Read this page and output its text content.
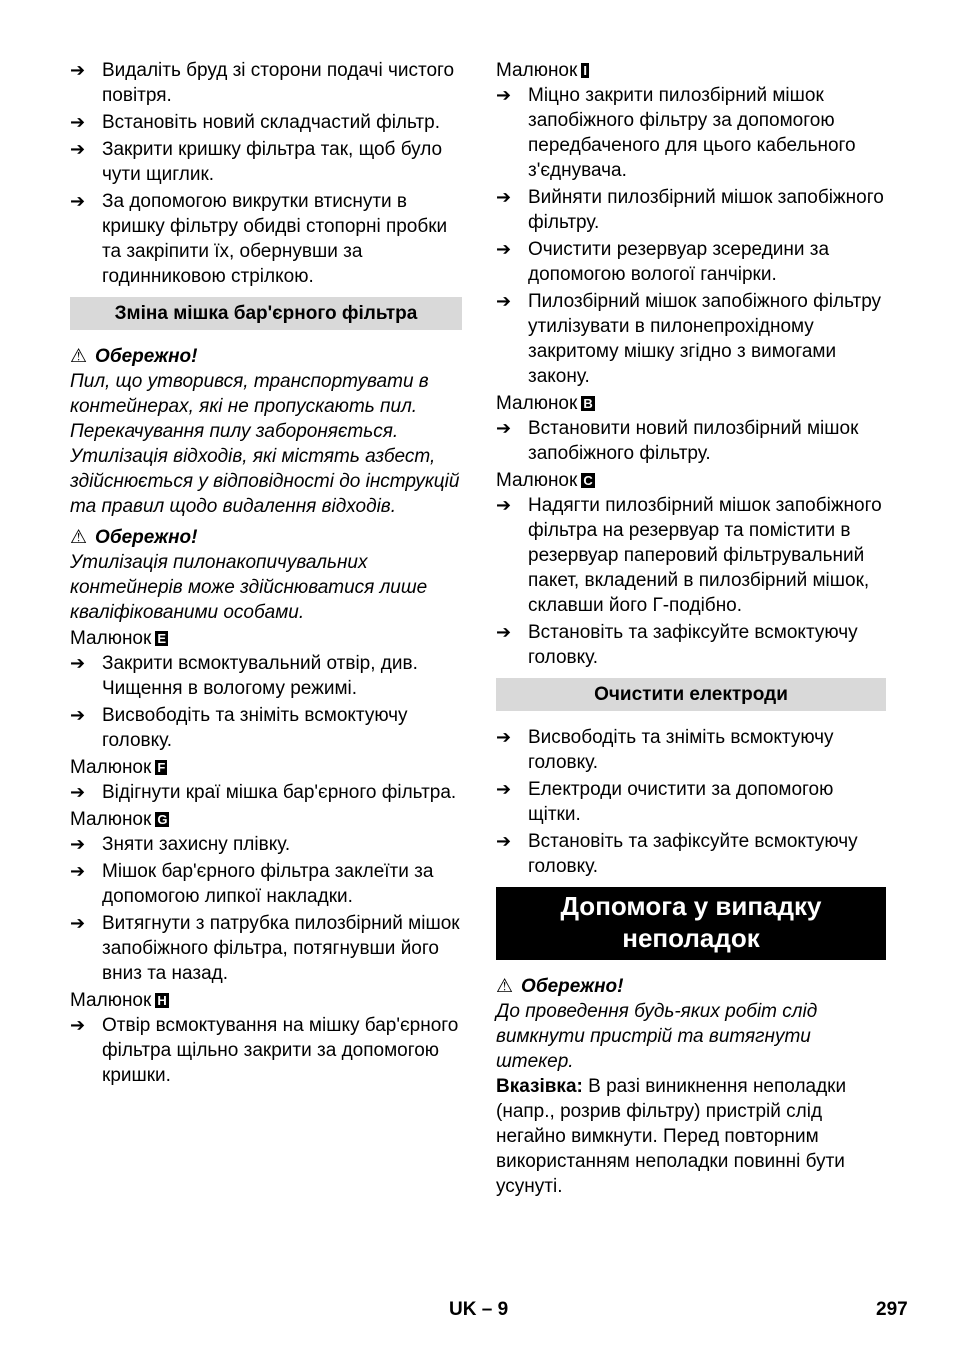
➔ Видаліть бруд зі сторони подачі чистого повітря.
➔ Встановіть новий складчастий фільтр.
➔ Закрити кришку фільтра так, щоб було чути щиглик.
➔ За допомогою викрутки втиснути в кришку фільтру обидві стопорні пробки та закріпити їх, обернувши за годинниковою стрілкою.
Зміна мішка бар'єрного фільтра
⚠ Обережно!
Пил, що утворився, транспортувати в контейнерах, які не пропускають пил. Перекачування пилу забороняється. Утилізація відходів, які містять азбест, здійснюється у відповідності до інструкцій та правил щодо видалення відходів.
⚠ Обережно!
Утилізація пилонакопичувальних контейнерів може здійснюватися лише кваліфікованими особами.
Малюнок E
➔ Закрити всмоктувальний отвір, див. Чищення в вологому режимі.
➔ Висвободіть та зніміть всмоктуючу головку.
Малюнок F
➔ Відігнути краї мішка бар'єрного фільтра.
Малюнок G
➔ Зняти захисну плівку.
➔ Мішок бар'єрного фільтра заклеїти за допомогою липкої накладки.
➔ Витягнути з патрубка пилозбірний мішок запобіжного фільтра, потягнувши його вниз та назад.
Малюнок H
➔ Отвір всмоктування на мішку бар'єрного фільтра щільно закрити за допомогою кришки.
Малюнок I
➔ Міцно закрити пилозбірний мішок запобіжного фільтру за допомогою передбаченого для цього кабельного з'єднувача.
➔ Вийняти пилозбірний мішок запобіжного фільтру.
➔ Очистити резервуар зсередини за допомогою вологої ганчірки.
➔ Пилозбірний мішок запобіжного фільтру утилізувати в пилонепрохідному закритому мішку згідно з вимогами закону.
Малюнок B
➔ Встановити новий пилозбірний мішок запобіжного фільтру.
Малюнок C
➔ Надягти пилозбірний мішок запобіжного фільтра на резервуар та помістити в резервуар паперовий фільтрувальний пакет, вкладений в пилозбірний мішок, склавши його Г-подібно.
➔ Встановіть та зафіксуйте всмоктуючу головку.
Очистити електроди
➔ Висвободіть та зніміть всмоктуючу головку.
➔ Електроди очистити за допомогою щітки.
➔ Встановіть та зафіксуйте всмоктуючу головку.
Допомога у випадку неполадок
⚠ Обережно!
До проведення будь-яких робіт слід вимкнути пристрій та витягнути штекер.
Вказівка: В разі виникнення неполадки (напр., розрив фільтру) пристрій слід негайно вимкнути. Перед повторним використанням неполадки повинні бути усунуті.
UK – 9	297
